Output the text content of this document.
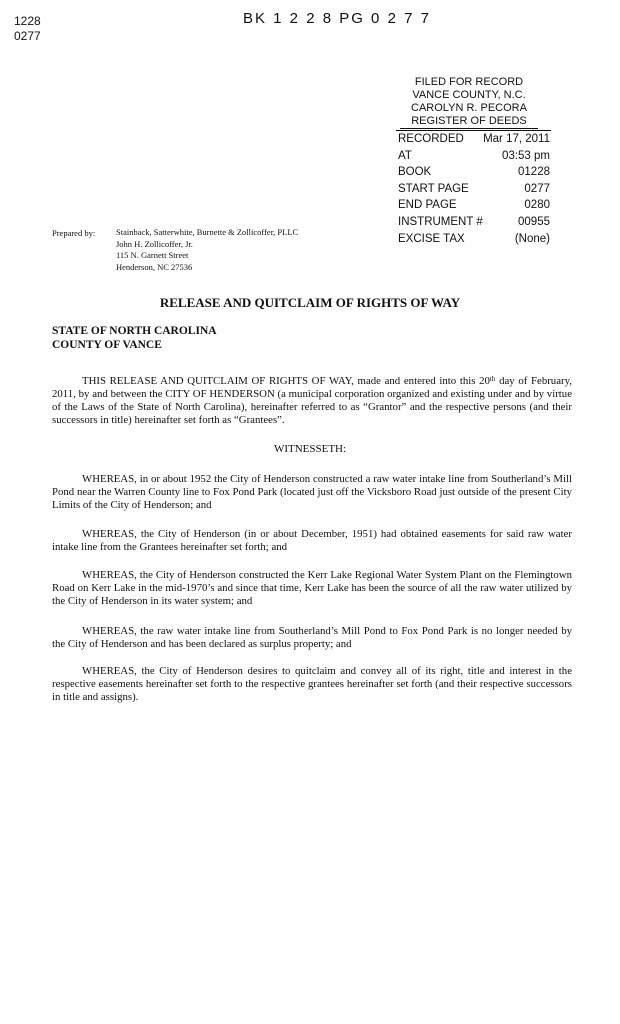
1228
0277
BK 1 2 2 8 PG 0 2 7 7
FILED FOR RECORD
VANCE COUNTY, N.C.
CAROLYN R. PECORA
REGISTER OF DEEDS
RECORDED	Mar 17, 2011
AT	03:53 pm
BOOK	01228
START PAGE	0277
END PAGE	0280
INSTRUMENT #	00955
EXCISE TAX	(None)
Prepared by: Stainback, Satterwhite, Burnette & Zollicoffer, PLLC
John H. Zollicoffer, Jr.
115 N. Garnett Street
Henderson, NC 27536
RELEASE AND QUITCLAIM OF RIGHTS OF WAY
STATE OF NORTH CAROLINA
COUNTY OF VANCE
THIS RELEASE AND QUITCLAIM OF RIGHTS OF WAY, made and entered into this 20th day of February, 2011, by and between the CITY OF HENDERSON (a municipal corporation organized and existing under and by virtue of the Laws of the State of North Carolina), hereinafter referred to as “Grantor” and the respective persons (and their successors in title) hereinafter set forth as “Grantees”.
WITNESSETH:
WHEREAS, in or about 1952 the City of Henderson constructed a raw water intake line from Southerland’s Mill Pond near the Warren County line to Fox Pond Park (located just off the Vicksboro Road just outside of the present City Limits of the City of Henderson; and
WHEREAS, the City of Henderson (in or about December, 1951) had obtained easements for said raw water intake line from the Grantees hereinafter set forth; and
WHEREAS, the City of Henderson constructed the Kerr Lake Regional Water System Plant on the Flemingtown Road on Kerr Lake in the mid-1970’s and since that time, Kerr Lake has been the source of all the raw water utilized by the City of Henderson in its water system; and
WHEREAS, the raw water intake line from Southerland’s Mill Pond to Fox Pond Park is no longer needed by the City of Henderson and has been declared as surplus property; and
WHEREAS, the City of Henderson desires to quitclaim and convey all of its right, title and interest in the respective easements hereinafter set forth to the respective grantees hereinafter set forth (and their respective successors in title and assigns).
